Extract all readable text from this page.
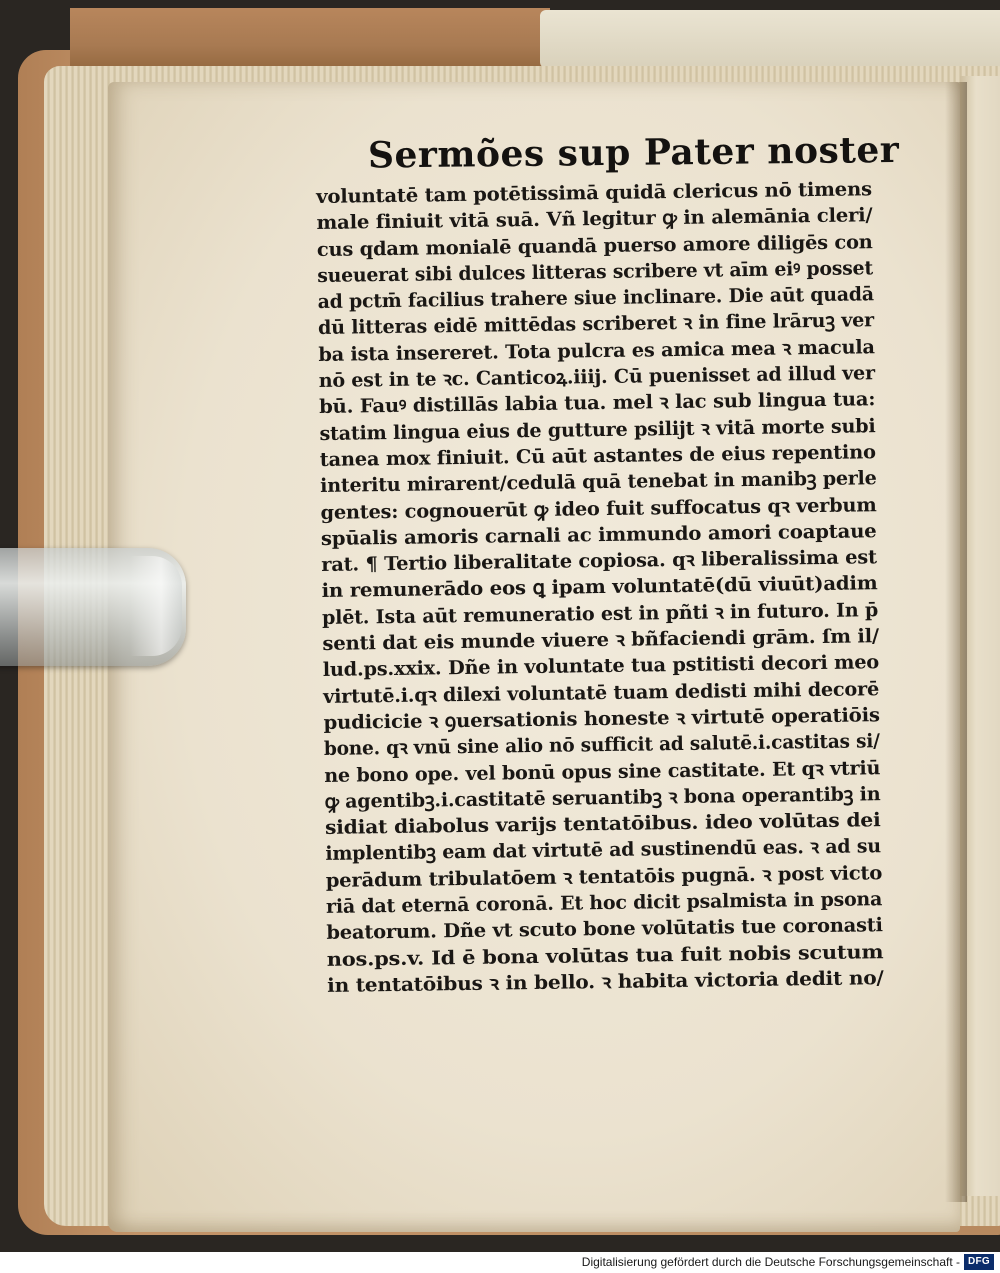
Sermões sup Pater noster
voluntatē tam potētissimā quidā clericus nō timens
male finiuit vitā suā. Vñ legitur ꝙ in alemānia cleri/
cus qdam monialē quandā puerso amore diligēs con
sueuerat sibi dulces litteras scribere vt aīm eiꝰ posset
ad pctm̄ facilius trahere siue inclinare. Die aūt quadā
dū litteras eidē mittēdas scriberet ꝛ in fine lrāruꝫ ver
ba ista insereret. Tota pulcra es amica mea ꝛ macula
nō est in te ꝛc. Canticoꝝ.iiij. Cū puenisset ad illud ver
bū. Fauꝰ distillās labia tua. mel ꝛ lac sub lingua tua:
statim lingua eius de gutture psilijt ꝛ vitā morte subi
tanea mox finiuit. Cū aūt astantes de eius repentino
interitu mirarent/cedulā quā tenebat in manibꝫ perle
gentes: cognouerūt ꝙ ideo fuit suffocatus qꝛ verbum
spūalis amoris carnali ac immundo amori coaptaue
rat. ¶ Tertio liberalitate copiosa. qꝛ liberalissima est
in remunerādo eos ꝗ ipam voluntatē(dū viuūt)adim
plēt. Ista aūt remuneratio est in pñti ꝛ in futuro. In p̄
senti dat eis munde viuere ꝛ bñfaciendi grām. ſm il/
lud.ps.xxix. Dñe in voluntate tua pstitisti decori meo
virtutē.i.qꝛ dilexi voluntatē tuam dedisti mihi decorē
pudicicie ꝛ ꝯuersationis honeste ꝛ virtutē operatiōis
bone. qꝛ vnū sine alio nō sufficit ad salutē.i.castitas si/
ne bono ope. vel bonū opus sine castitate. Et qꝛ vtriū
ꝙ agentibꝫ.i.castitatē seruantibꝫ ꝛ bona operantibꝫ in
sidiat diabolus varijs tentatōibus. ideo volūtas dei
implentibꝫ eam dat virtutē ad sustinendū eas. ꝛ ad su
perādum tribulatōem ꝛ tentatōis pugnā. ꝛ post victo
riā dat eternā coronā. Et hoc dicit psalmista in psona
beatorum. Dñe vt scuto bone volūtatis tue coronasti
nos.ps.v. Id ē bona volūtas tua fuit nobis scutum
in tentatōibus ꝛ in bello. ꝛ habita victoria dedit no/
Digitalisierung gefördert durch die Deutsche Forschungsgemeinschaft - DFG
